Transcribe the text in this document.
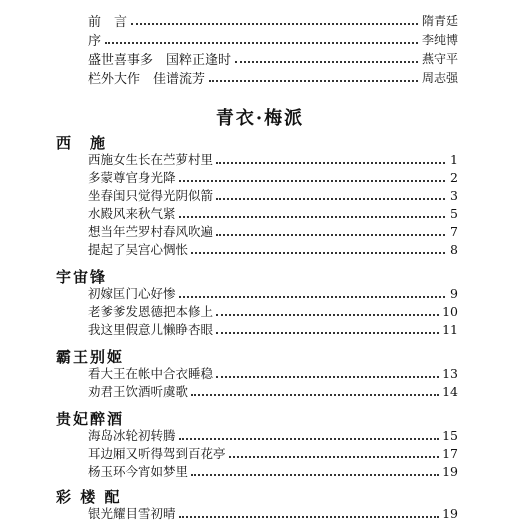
前　言	隋青廷
序	李纯博
盛世喜事多　国粹正逢时	燕守平
栏外大作　佳谱流芳	周志强
青衣·梅派
西　施
西施女生长在苎萝村里	1
多蒙尊官身光降	2
坐春闺只觉得光阴似箭	3
水殿风来秋气紧	5
想当年苎罗村春风吹遍	7
提起了吴宫心惆怅	8
宇宙锋
初嫁匡门心好惨	9
老爹爹发恩德把本修上	10
我这里假意儿懒睁杏眼	11
霸王别姬
看大王在帐中合衣睡稳	13
劝君王饮酒听虞歌	14
贵妃醉酒
海岛冰轮初转腾	15
耳边厢又听得驾到百花亭	17
杨玉环今宵如梦里	19
彩 楼 配
银光耀目雪初晴	19
